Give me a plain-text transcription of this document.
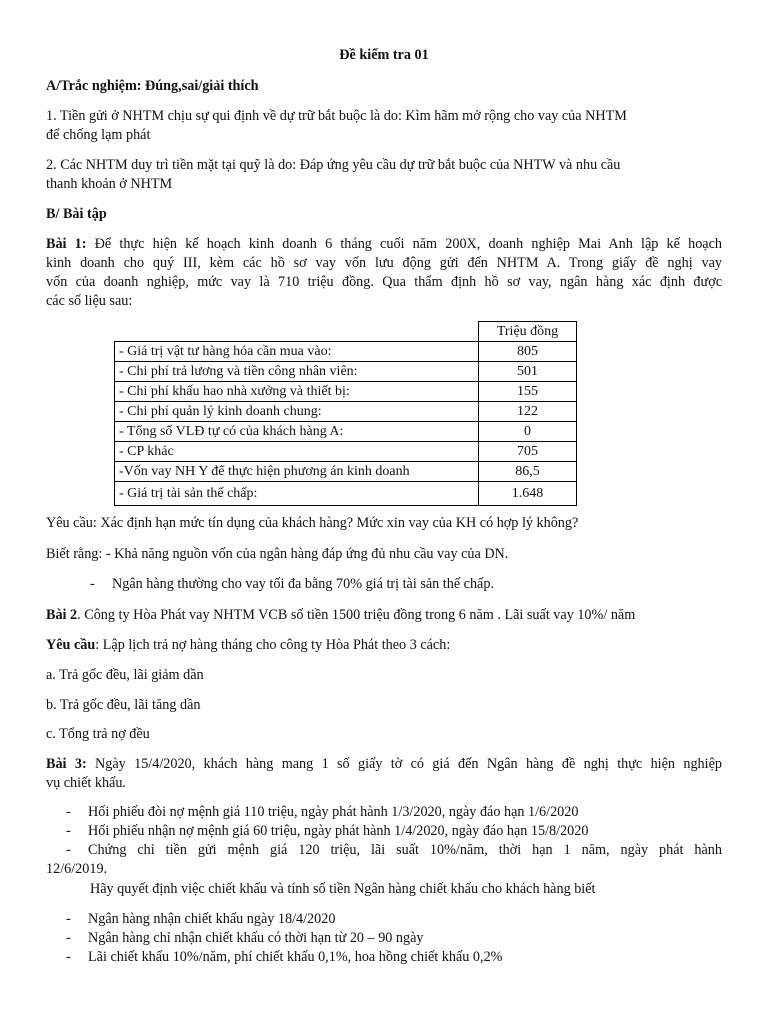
Đề kiểm tra 01
A/Trắc nghiệm: Đúng,sai/giải thích
1. Tiền gửi ở NHTM chịu sự qui định về dự trữ bắt buộc là do: Kìm hãm mở rộng cho vay của NHTM
để chống lạm phát
2. Các NHTM duy trì tiền mặt tại quỹ là do: Đáp ứng yêu cầu dự trữ bắt buộc của NHTW và nhu cầu
thanh khoản ở NHTM
B/ Bài tập
Bài 1: Để thực hiện kế hoạch kinh doanh 6 tháng cuối năm 200X, doanh nghiệp Mai Anh lập kế hoạch
kinh doanh cho quý III, kèm các hồ sơ vay vốn lưu động gửi đến NHTM A. Trong giấy đề nghị vay
vốn của doanh nghiệp, mức vay là 710 triệu đồng. Qua thẩm định hồ sơ vay, ngân hàng xác định được
các số liệu sau:
	Triệu đồng
- Giá trị vật tư hàng hóa cần mua vào:	805
- Chi phí trả lương và tiền công nhân viên:	501
- Chi phí khấu hao nhà xưởng và thiết bị:	155
- Chi phí quản lý kinh doanh chung:	122
- Tổng số VLĐ tự có của khách hàng A:	0
- CP khác	705
-Vốn vay NH Y để thực hiện phương án kinh doanh	86,5
- Giá trị tài sản thế chấp:	1.648
Yêu cầu: Xác định hạn mức tín dụng của khách hàng? Mức xin vay của KH có hợp lý không?
Biết rằng: - Khả năng nguồn vốn của ngân hàng đáp ứng đủ nhu cầu vay của DN.
- Ngân hàng thường cho vay tối đa bằng 70% giá trị tài sản thế chấp.
Bài 2. Công ty Hòa Phát vay NHTM VCB số tiền 1500 triệu đồng trong 6 năm . Lãi suất vay 10%/ năm
Yêu cầu: Lập lịch trả nợ hàng tháng cho công ty Hòa Phát theo 3 cách:
a. Trả gốc đều, lãi giảm dần
b. Trả gốc đều, lãi tăng dần
c. Tổng trả nợ đều
Bài 3: Ngày 15/4/2020, khách hàng mang 1 số giấy tờ có giá đến Ngân hàng đề nghị thực hiện nghiệp
vụ chiết khấu.
- Hối phiếu đòi nợ mệnh giá 110 triệu, ngày phát hành 1/3/2020, ngày đáo hạn 1/6/2020
- Hối phiếu nhận nợ mệnh giá 60 triệu, ngày phát hành 1/4/2020, ngày đáo hạn 15/8/2020
- Chứng chỉ tiền gửi mệnh giá 120 triệu, lãi suất 10%/năm, thời hạn 1 năm, ngày phát hành
12/6/2019.
Hãy quyết định việc chiết khấu và tính số tiền Ngân hàng chiết khấu cho khách hàng biết
- Ngân hàng nhận chiết khấu ngày 18/4/2020
- Ngân hàng chỉ nhận chiết khấu có thời hạn từ 20 – 90 ngày
- Lãi chiết khấu 10%/năm, phí chiết khấu 0,1%, hoa hồng chiết khấu 0,2%
